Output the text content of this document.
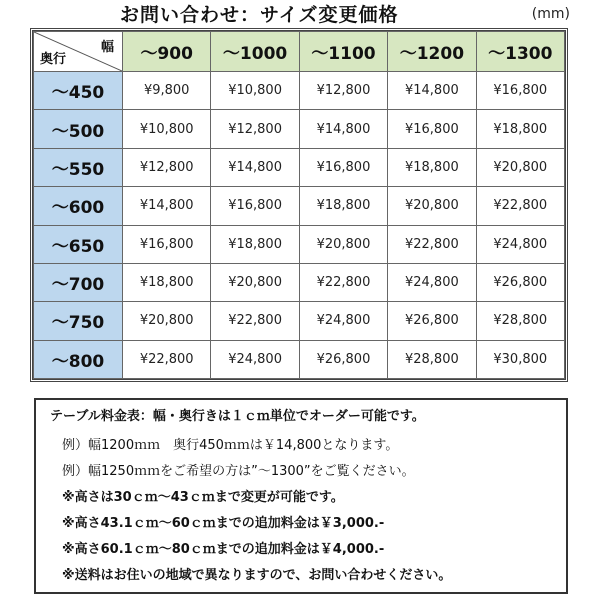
お問い合わせ：サイズ変更価格	(mm)
幅
奥行	～900	～1000	～1100	～1200	～1300
～450	¥9,800	¥10,800	¥12,800	¥14,800	¥16,800
～500	¥10,800	¥12,800	¥14,800	¥16,800	¥18,800
～550	¥12,800	¥14,800	¥16,800	¥18,800	¥20,800
～600	¥14,800	¥16,800	¥18,800	¥20,800	¥22,800
～650	¥16,800	¥18,800	¥20,800	¥22,800	¥24,800
～700	¥18,800	¥20,800	¥22,800	¥24,800	¥26,800
～750	¥20,800	¥22,800	¥24,800	¥26,800	¥28,800
～800	¥22,800	¥24,800	¥26,800	¥28,800	¥30,800
テーブル料金表：幅・奥行きは１ｃｍ単位でオーダー可能です。
例）幅1200ｍｍ　奥行450ｍｍは￥14,800となります。
例）幅1250ｍｍをご希望の方は”～1300”をご覧ください。
※高さは30ｃｍ～43ｃｍまで変更が可能です。
※高さ43.1ｃｍ～60ｃｍまでの追加料金は￥3,000.-
※高さ60.1ｃｍ～80ｃｍまでの追加料金は￥4,000.-
※送料はお住いの地域で異なりますので、お問い合わせください。
